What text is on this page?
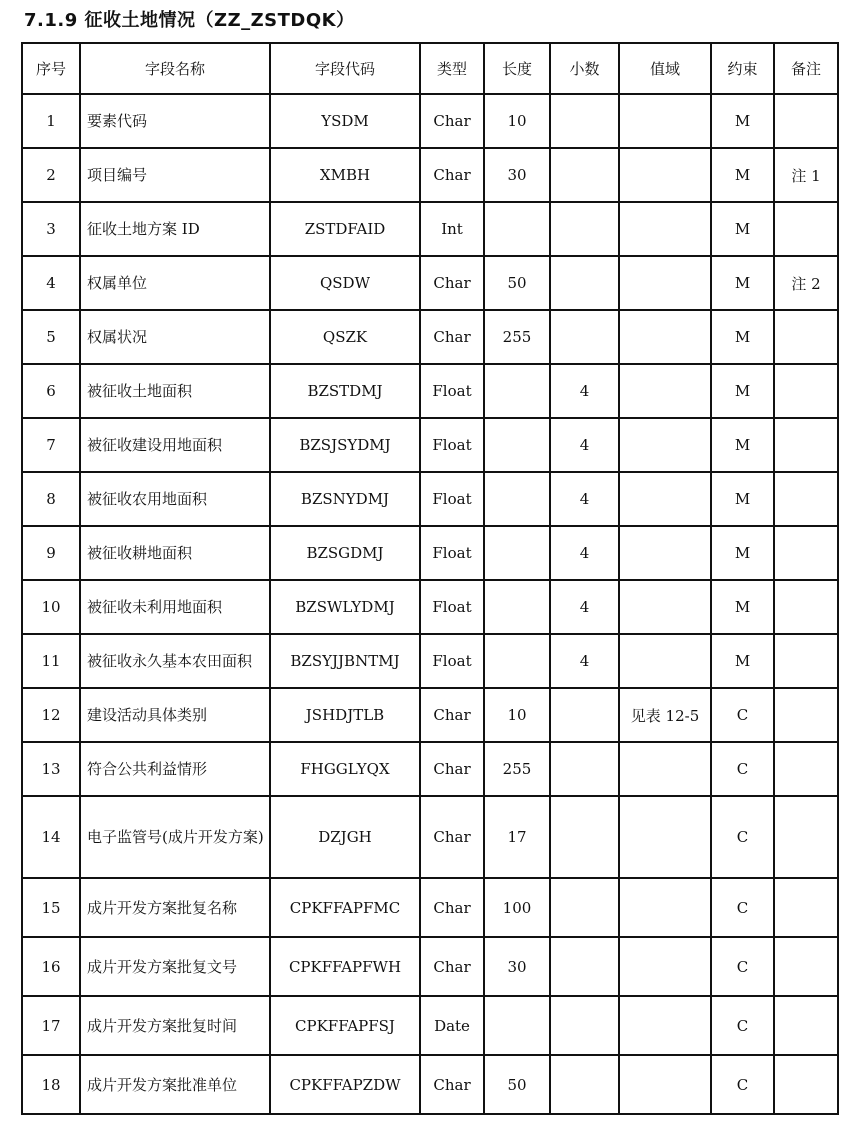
7.1.9 征收土地情况（ZZ_ZSTDQK）
序号	字段名称	字段代码	类型	长度	小数	值域	约束	备注
1	要素代码	YSDM	Char	10			M	
2	项目编号	XMBH	Char	30			M	注 1
3	征收土地方案 ID	ZSTDFAID	Int				M	
4	权属单位	QSDW	Char	50			M	注 2
5	权属状况	QSZK	Char	255			M	
6	被征收土地面积	BZSTDMJ	Float		4		M	
7	被征收建设用地面积	BZSJSYDMJ	Float		4		M	
8	被征收农用地面积	BZSNYDMJ	Float		4		M	
9	被征收耕地面积	BZSGDMJ	Float		4		M	
10	被征收未利用地面积	BZSWLYDMJ	Float		4		M	
11	被征收永久基本农田面积	BZSYJJBNTMJ	Float		4		M	
12	建设活动具体类别	JSHDJTLB	Char	10		见表 12-5	C	
13	符合公共利益情形	FHGGLYQX	Char	255			C	
14	电子监管号(成片开发方案)	DZJGH	Char	17			C	
15	成片开发方案批复名称	CPKFFAPFMC	Char	100			C	
16	成片开发方案批复文号	CPKFFAPFWH	Char	30			C	
17	成片开发方案批复时间	CPKFFAPFSJ	Date				C	
18	成片开发方案批准单位	CPKFFAPZDW	Char	50			C	
